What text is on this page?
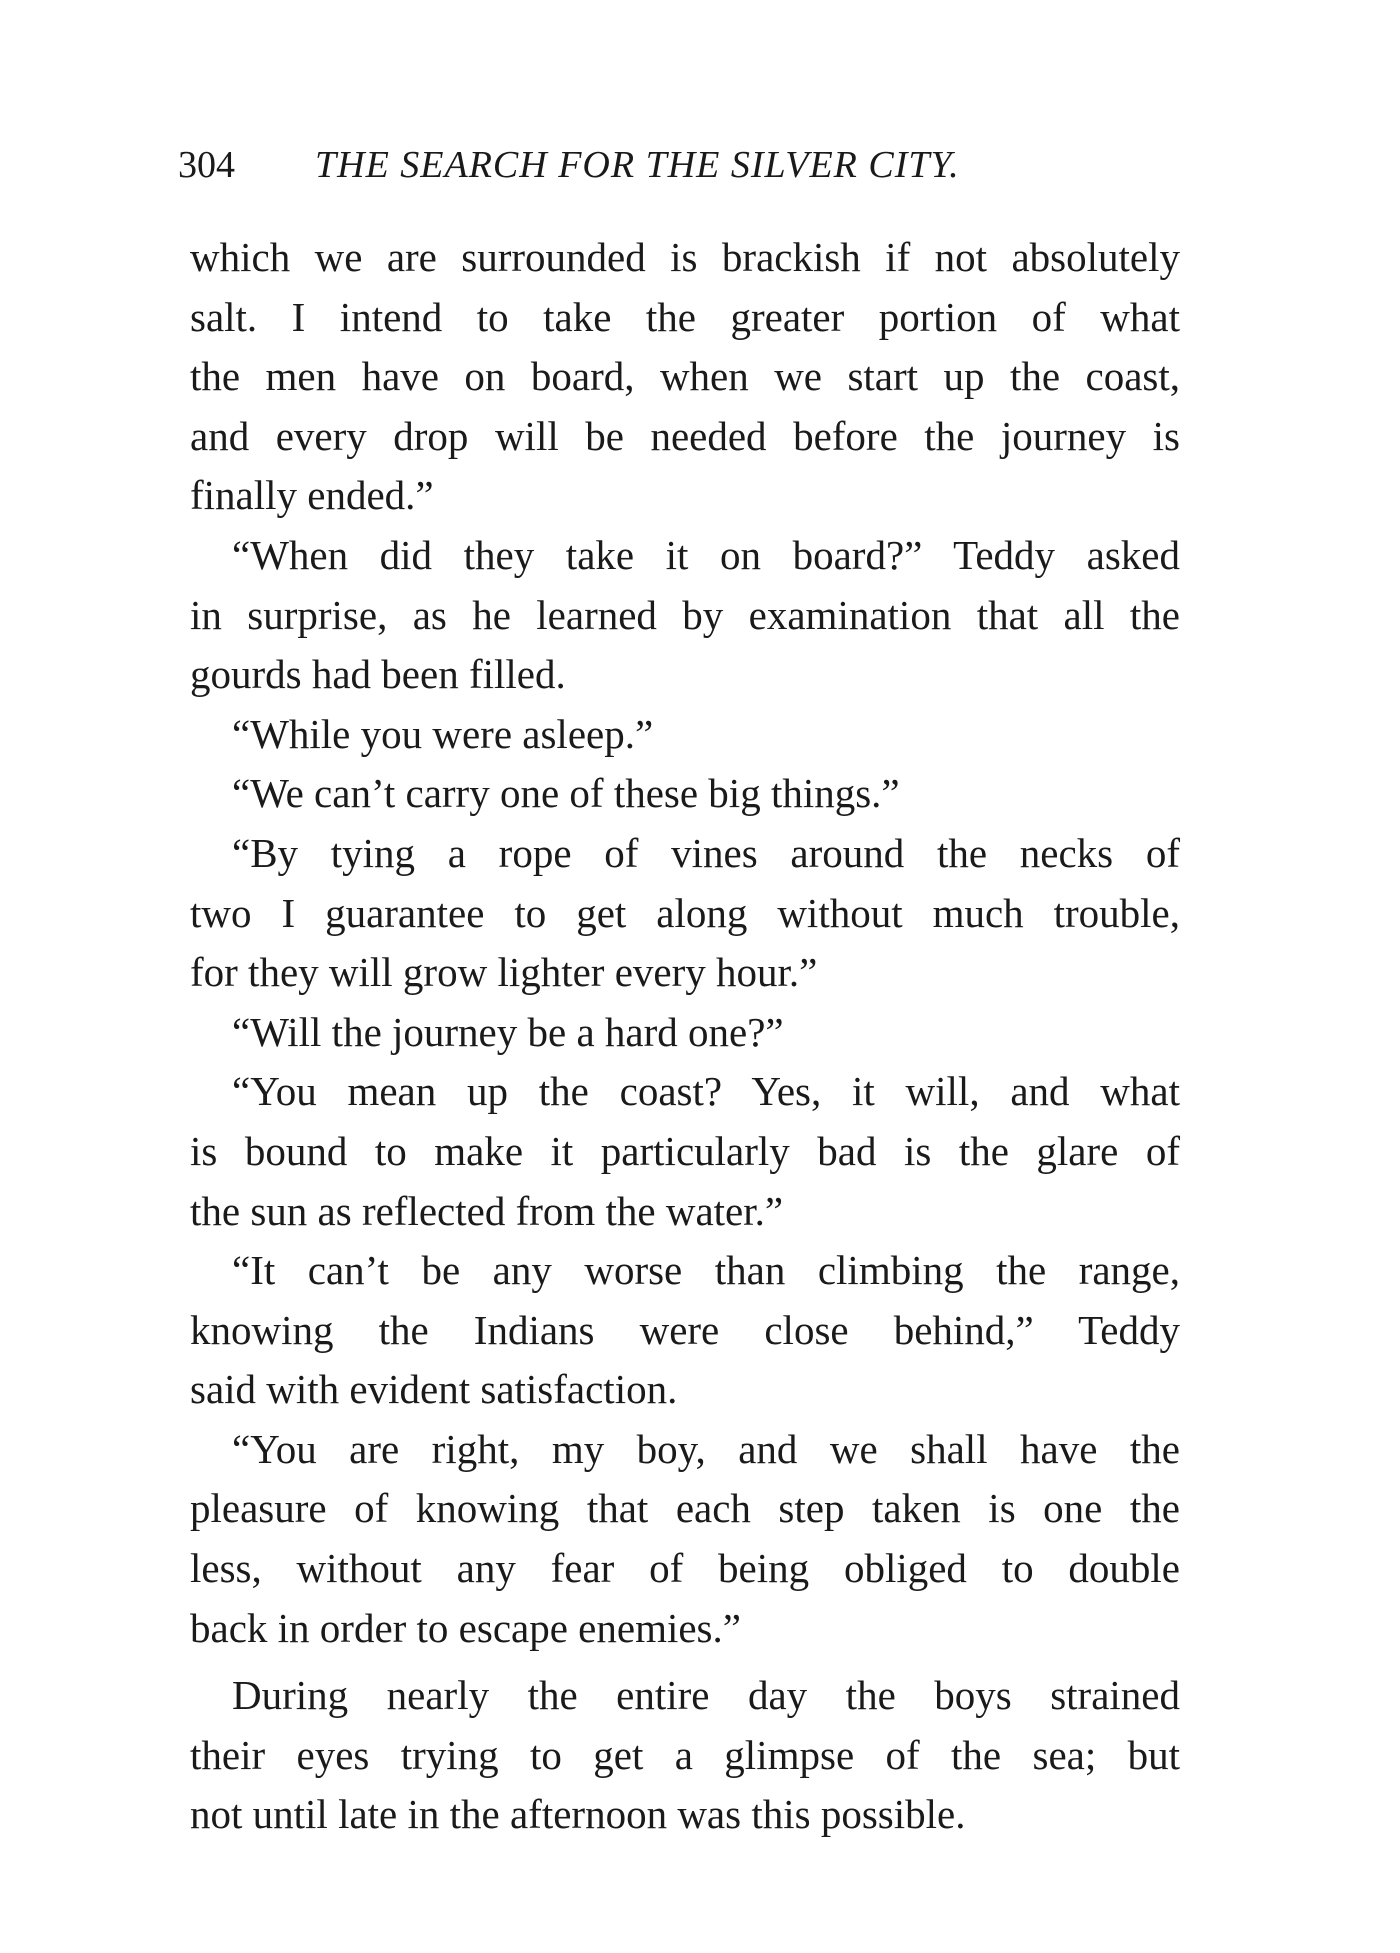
304 THE SEARCH FOR THE SILVER CITY.
which we are surrounded is brackish if not absolutely
salt. I intend to take the greater portion of what
the men have on board, when we start up the coast,
and every drop will be needed before the journey is
finally ended.”
“When did they take it on board?” Teddy asked
in surprise, as he learned by examination that all the
gourds had been filled.
“While you were asleep.”
“We can’t carry one of these big things.”
“By tying a rope of vines around the necks of
two I guarantee to get along without much trouble,
for they will grow lighter every hour.”
“Will the journey be a hard one?”
“You mean up the coast? Yes, it will, and what
is bound to make it particularly bad is the glare of
the sun as reflected from the water.”
“It can’t be any worse than climbing the range,
knowing the Indians were close behind,” Teddy
said with evident satisfaction.
“You are right, my boy, and we shall have the
pleasure of knowing that each step taken is one the
less, without any fear of being obliged to double
back in order to escape enemies.”
During nearly the entire day the boys strained
their eyes trying to get a glimpse of the sea; but
not until late in the afternoon was this possible.
